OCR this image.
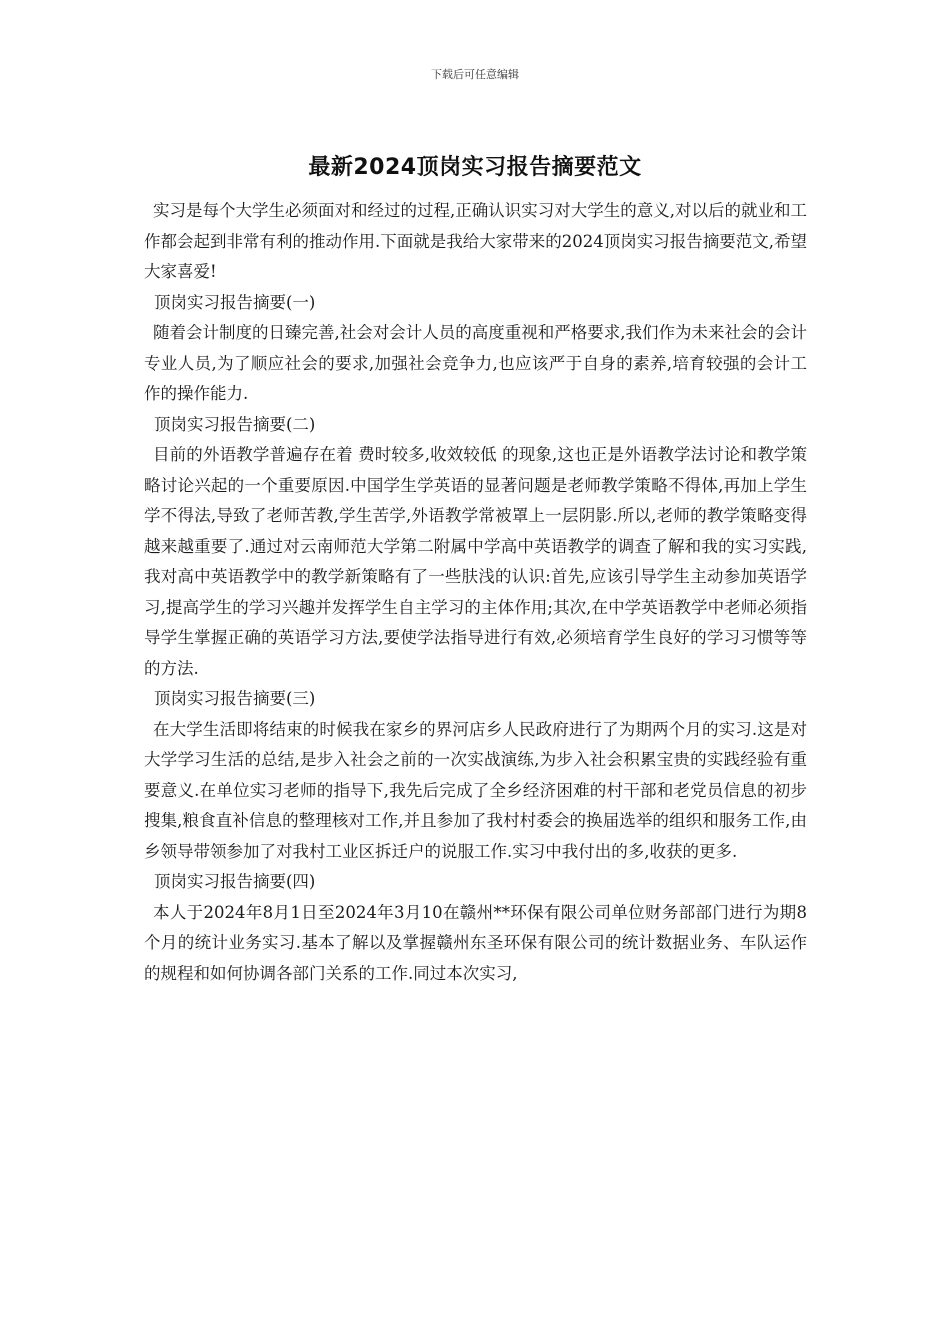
下载后可任意编辑
最新2024顶岗实习报告摘要范文

实习是每个大学生必须面对和经过的过程,正确认识实习对大学生的意义,对以后的就业和工作都会起到非常有利的推动作用.下面就是我给大家带来的2024顶岗实习报告摘要范文,希望大家喜爱!

顶岗实习报告摘要(一)

随着会计制度的日臻完善,社会对会计人员的高度重视和严格要求,我们作为未来社会的会计专业人员,为了顺应社会的要求,加强社会竞争力,也应该严于自身的素养,培育较强的会计工作的操作能力.

顶岗实习报告摘要(二)

目前的外语教学普遍存在着 费时较多,收效较低 的现象,这也正是外语教学法讨论和教学策略讨论兴起的一个重要原因.中国学生学英语的显著问题是老师教学策略不得体,再加上学生学不得法,导致了老师苦教,学生苦学,外语教学常被罩上一层阴影.所以,老师的教学策略变得越来越重要了.通过对云南师范大学第二附属中学高中英语教学的调查了解和我的实习实践,我对高中英语教学中的教学新策略有了一些肤浅的认识:首先,应该引导学生主动参加英语学习,提高学生的学习兴趣并发挥学生自主学习的主体作用;其次,在中学英语教学中老师必须指导学生掌握正确的英语学习方法,要使学法指导进行有效,必须培育学生良好的学习习惯等等的方法.

顶岗实习报告摘要(三)

在大学生活即将结束的时候我在家乡的界河店乡人民政府进行了为期两个月的实习.这是对大学学习生活的总结,是步入社会之前的一次实战演练,为步入社会积累宝贵的实践经验有重要意义.在单位实习老师的指导下,我先后完成了全乡经济困难的村干部和老党员信息的初步搜集,粮食直补信息的整理核对工作,并且参加了我村村委会的换届选举的组织和服务工作,由乡领导带领参加了对我村工业区拆迁户的说服工作.实习中我付出的多,收获的更多.

顶岗实习报告摘要(四)

本人于2024年8月1日至2024年3月10在赣州**环保有限公司单位财务部部门进行为期8个月的统计业务实习.基本了解以及掌握赣州东圣环保有限公司的统计数据业务、车队运作的规程和如何协调各部门关系的工作.同过本次实习,
